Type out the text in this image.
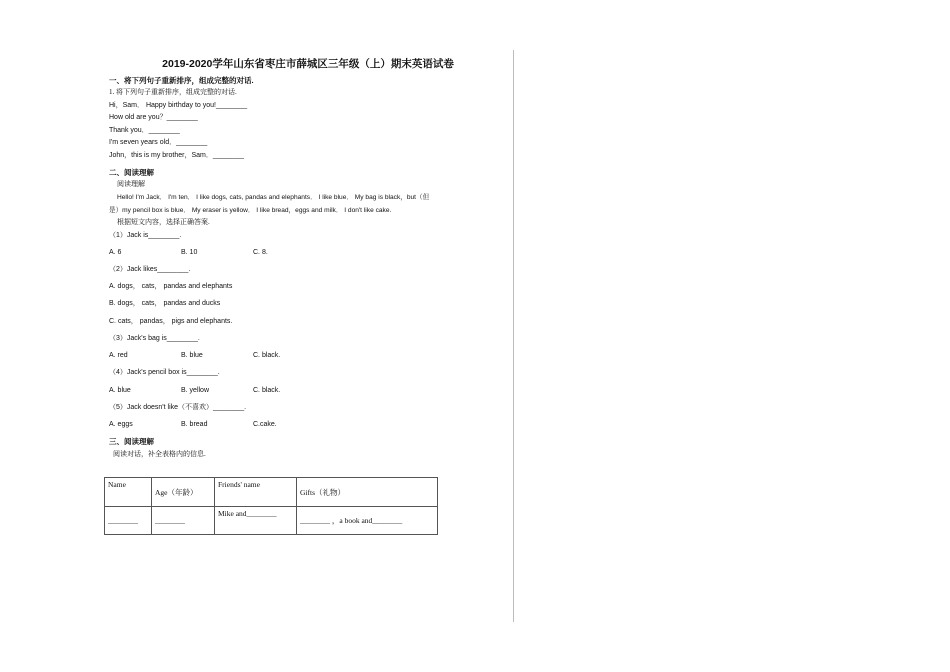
2019-2020学年山东省枣庄市薛城区三年级（上）期末英语试卷
一、将下列句子重新排序，组成完整的对话.
1. 将下列句子重新排序，组成完整的对话.
Hi，Sam． Happy birthday to you!________
How old are you？________
Thank you．________
I'm seven years old．________
John，this is my brother，Sam．________
二、阅读理解
阅读理解
Hello! I'm Jack． I'm ten． I like dogs, cats, pandas and elephants． I like blue． My bag is black，but（但
是）my pencil box is blue． My eraser is yellow． I like bread，eggs and milk． I don't like cake.
根据短文内容，选择正确答案.
（1）Jack is________.
A. 6	B. 10	C. 8.
（2）Jack likes________.
A. dogs， cats， pandas and elephants
B. dogs， cats， pandas and ducks
C. cats， pandas， pigs and elephants.
（3）Jack's bag is________.
A. red	B. blue	C. black.
（4）Jack's pencil box is________.
A. blue	B. yellow	C. black.
（5）Jack doesn't like（不喜欢）________.
A. eggs	B. bread	C.cake.
三、阅读理解
阅读对话，补全表格内的信息.
Name	Age（年龄）	Friends' name	Gifts（礼物）
________	________	Mike and________	________ ，a book and________
